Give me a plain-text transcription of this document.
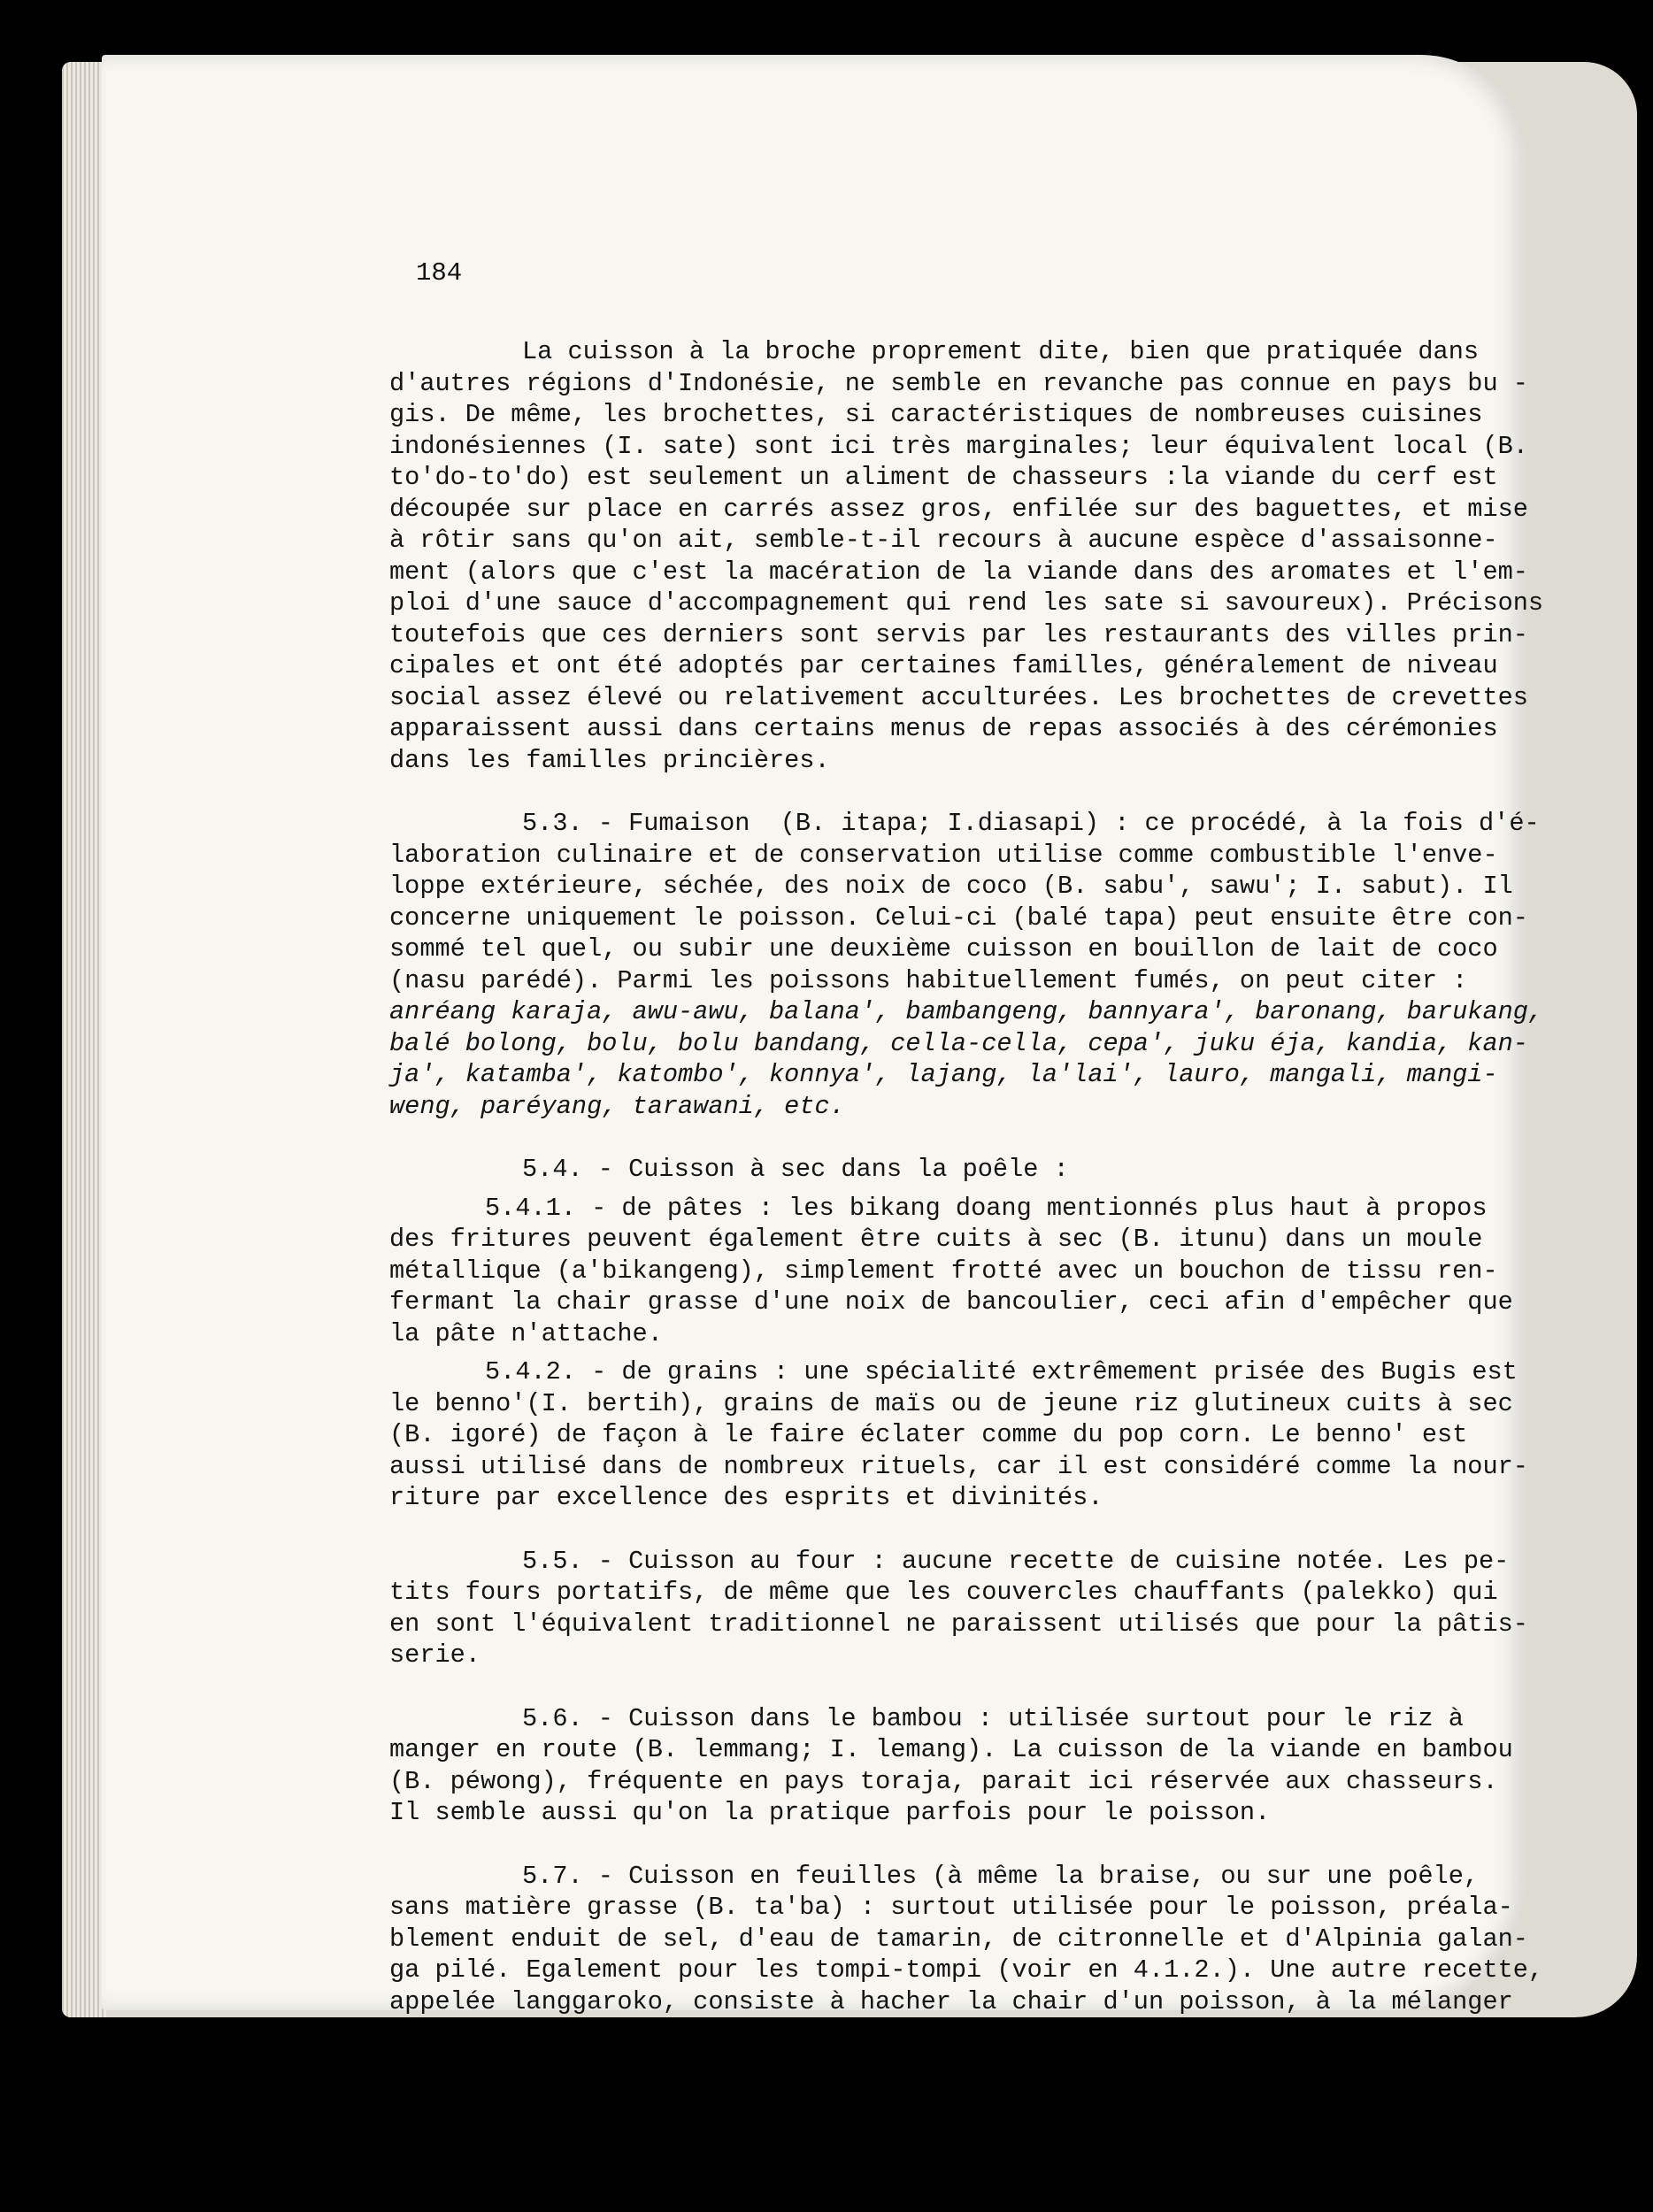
184
La cuisson à la broche proprement dite, bien que pratiquée dans
d'autres régions d'Indonésie, ne semble en revanche pas connue en pays bu -
gis. De même, les brochettes, si caractéristiques de nombreuses cuisines
indonésiennes (I. sate) sont ici très marginales; leur équivalent local (B.
to'do-to'do) est seulement un aliment de chasseurs :la viande du cerf est
découpée sur place en carrés assez gros, enfilée sur des baguettes, et mise
à rôtir sans qu'on ait, semble-t-il recours à aucune espèce d'assaisonne-
ment (alors que c'est la macération de la viande dans des aromates et l'em-
ploi d'une sauce d'accompagnement qui rend les sate si savoureux). Précisons
toutefois que ces derniers sont servis par les restaurants des villes prin-
cipales et ont été adoptés par certaines familles, généralement de niveau
social assez élevé ou relativement acculturées. Les brochettes de crevettes
apparaissent aussi dans certains menus de repas associés à des cérémonies
dans les familles princières.
5.3. - Fumaison  (B. itapa; I.diasapi) : ce procédé, à la fois d'é-
laboration culinaire et de conservation utilise comme combustible l'enve-
loppe extérieure, séchée, des noix de coco (B. sabu', sawu'; I. sabut). Il
concerne uniquement le poisson. Celui-ci (balé tapa) peut ensuite être con-
sommé tel quel, ou subir une deuxième cuisson en bouillon de lait de coco
(nasu parédé). Parmi les poissons habituellement fumés, on peut citer :
anréang karaja, awu-awu, balana', bambangeng, bannyara', baronang, barukang,
balé bolong, bolu, bolu bandang, cella-cella, cepa', juku éja, kandia, kan-
ja', katamba', katombo', konnya', lajang, la'lai', lauro, mangali, mangi-
weng, paréyang, tarawani, etc.
5.4. - Cuisson à sec dans la poêle :
5.4.1. - de pâtes : les bikang doang mentionnés plus haut à propos
des fritures peuvent également être cuits à sec (B. itunu) dans un moule
métallique (a'bikangeng), simplement frotté avec un bouchon de tissu ren-
fermant la chair grasse d'une noix de bancoulier, ceci afin d'empêcher que
la pâte n'attache.
5.4.2. - de grains : une spécialité extrêmement prisée des Bugis est
le benno'(I. bertih), grains de maïs ou de jeune riz glutineux cuits à sec
(B. igoré) de façon à le faire éclater comme du pop corn. Le benno' est
aussi utilisé dans de nombreux rituels, car il est considéré comme la nour-
riture par excellence des esprits et divinités.
5.5. - Cuisson au four : aucune recette de cuisine notée. Les pe-
tits fours portatifs, de même que les couvercles chauffants (palekko) qui
en sont l'équivalent traditionnel ne paraissent utilisés que pour la pâtis-
serie.
5.6. - Cuisson dans le bambou : utilisée surtout pour le riz à
manger en route (B. lemmang; I. lemang). La cuisson de la viande en bambou
(B. péwong), fréquente en pays toraja, parait ici réservée aux chasseurs.
Il semble aussi qu'on la pratique parfois pour le poisson.
5.7. - Cuisson en feuilles (à même la braise, ou sur une poêle,
sans matière grasse (B. ta'ba) : surtout utilisée pour le poisson, préala-
blement enduit de sel, d'eau de tamarin, de citronnelle et d'Alpinia galan-
ga pilé. Egalement pour les tompi-tompi (voir en 4.1.2.). Une autre recette,
appelée langgaroko, consiste à hacher la chair d'un poisson, à la mélanger
